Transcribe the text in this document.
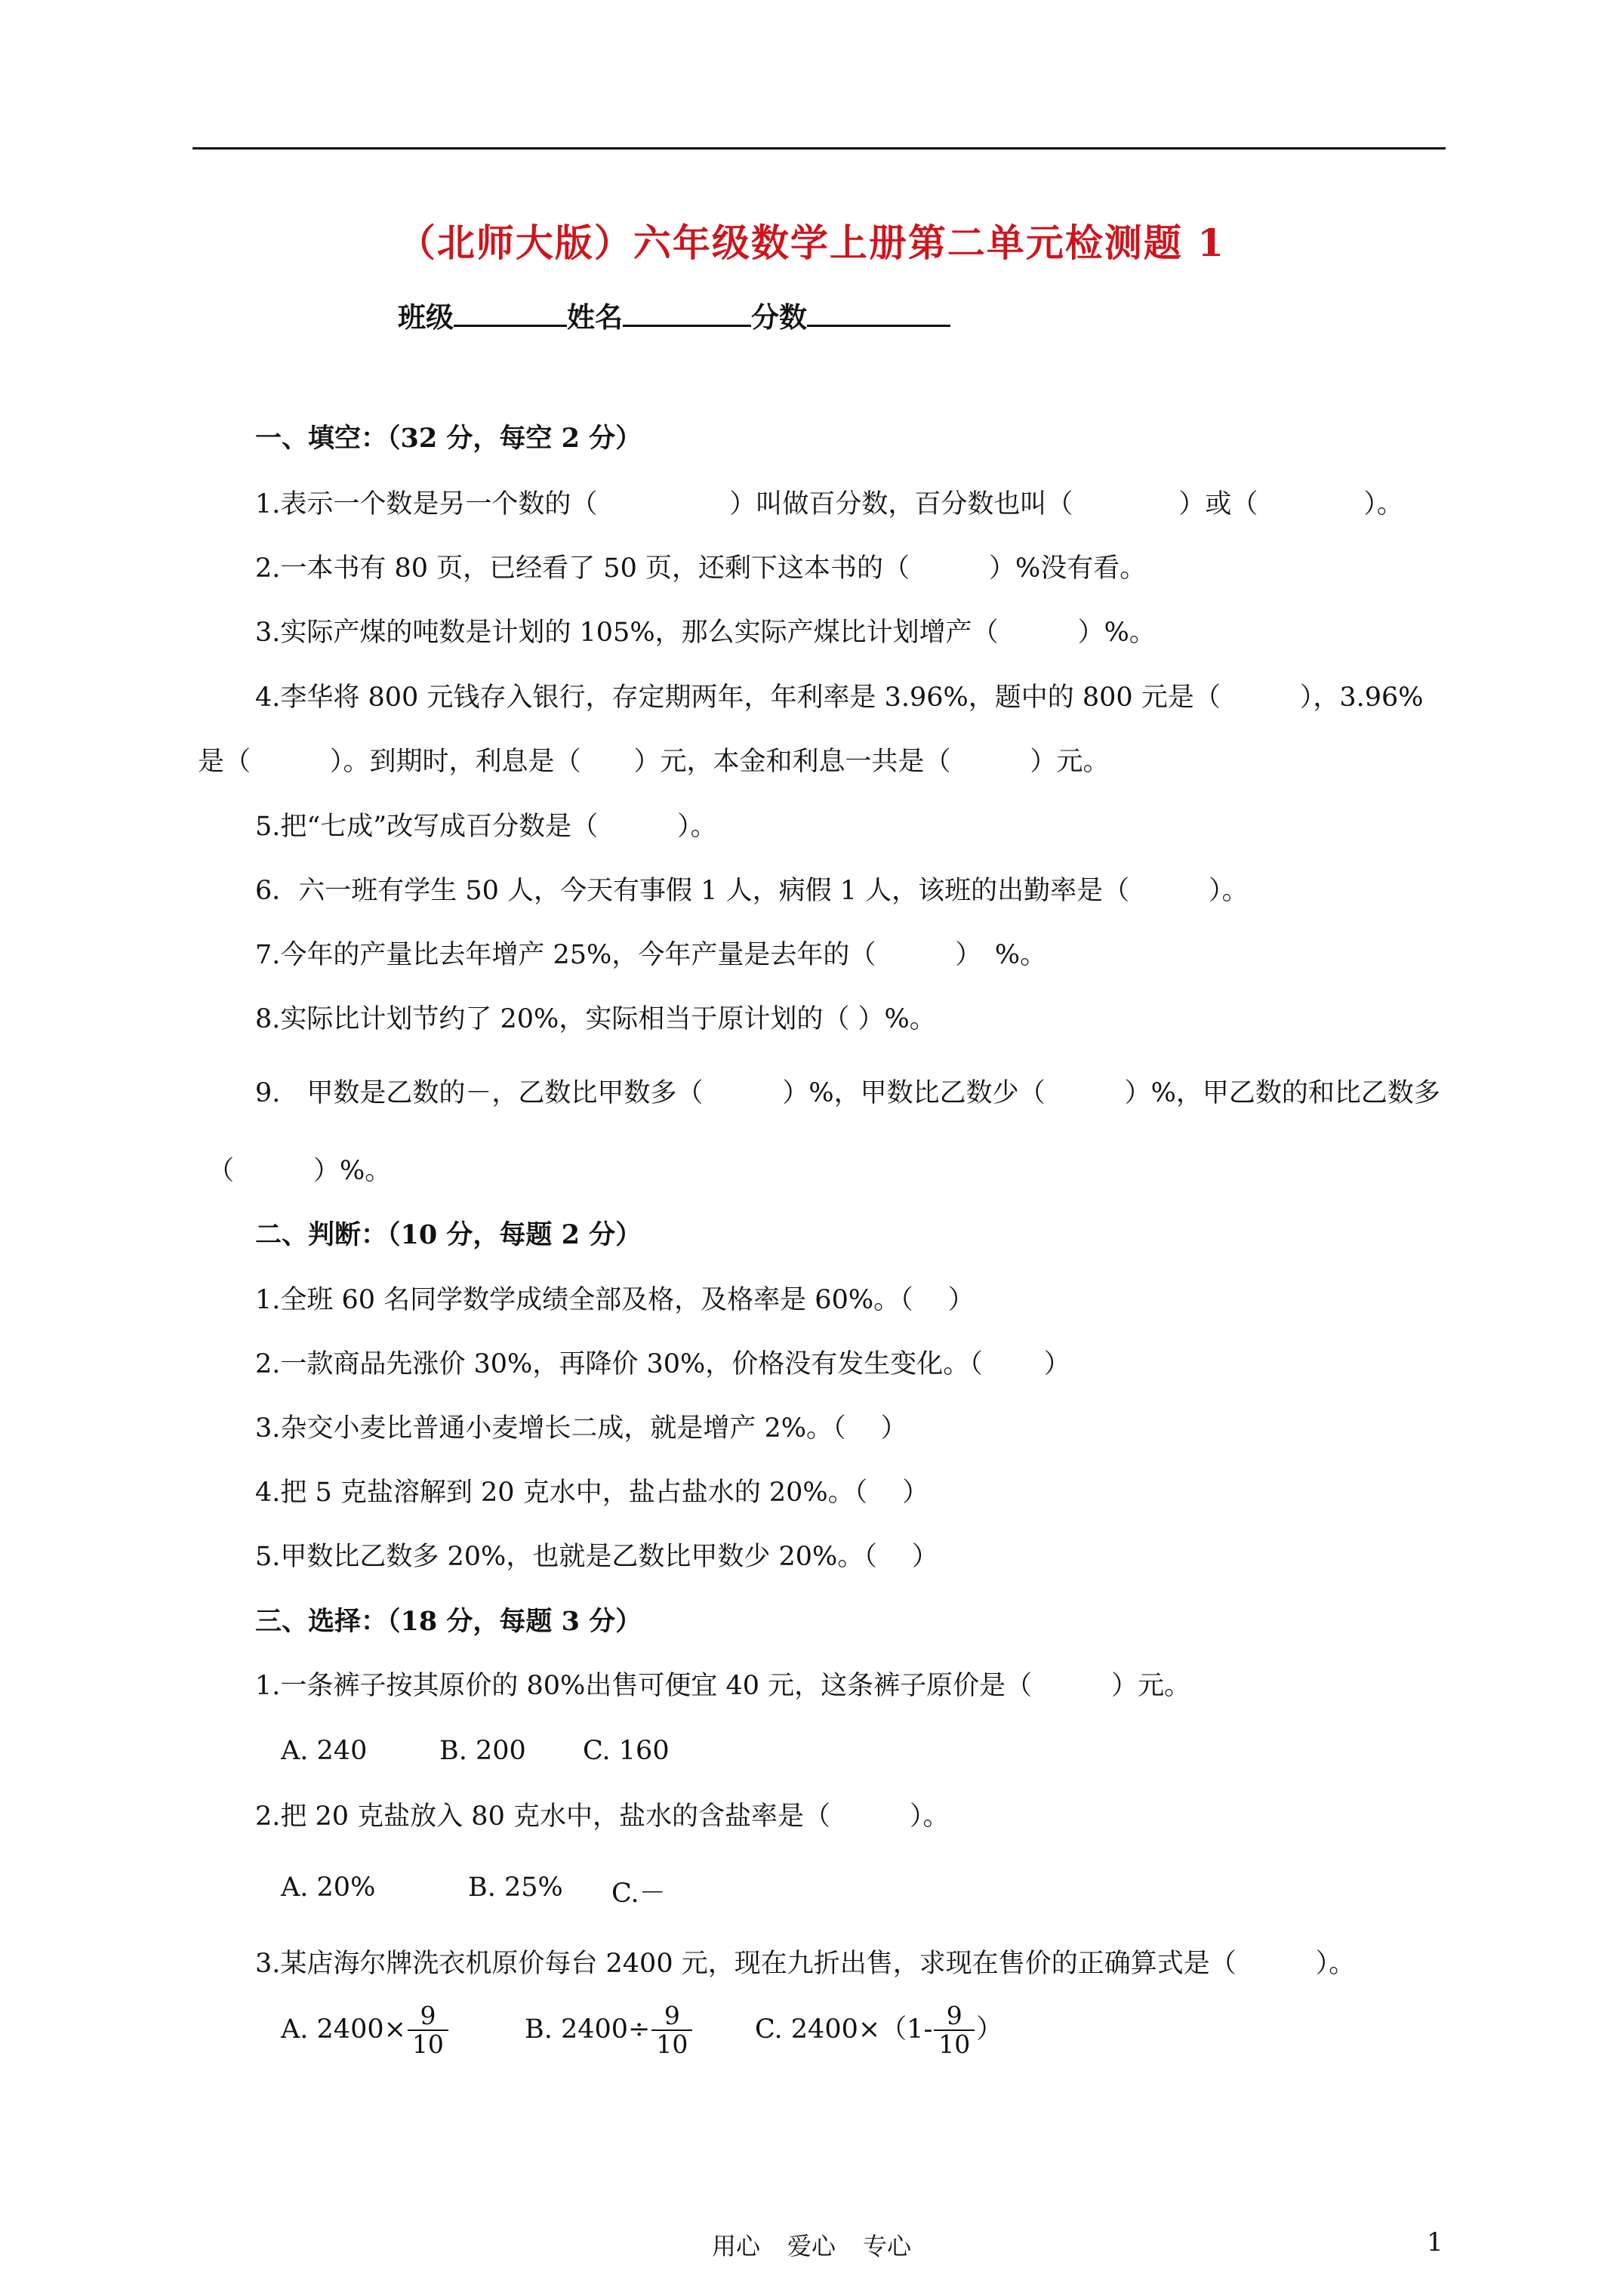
（北师大版）六年级数学上册第二单元检测题 1
班级	姓名	分数
一、填空：（32 分，每空 2 分）
1.表示一个数是另一个数的（　　　　　）叫做百分数，百分数也叫（　　　　）或（　　　　）。
2.一本书有 80 页，已经看了 50 页，还剩下这本书的（　　　）%没有看。
3.实际产煤的吨数是计划的 105%，那么实际产煤比计划增产（　　　）%。
4.李华将 800 元钱存入银行，存定期两年，年利率是 3.96%，题中的 800 元是（　　　），3.96%
是（　　　）。到期时，利息是（　　）元，本金和利息一共是（　　　）元。
5.把“七成”改写成百分数是（　　　）。
6．六一班有学生 50 人，今天有事假 1 人，病假 1 人，该班的出勤率是（　　　）。
7.今年的产量比去年增产 25%，今年产量是去年的（　　　）　%。
8.实际比计划节约了 20%，实际相当于原计划的（ ）%。
9.　甲数是乙数的－，乙数比甲数多（　　　）%，甲数比乙数少（　　　）%，甲乙数的和比乙数多
（　　　）%。
二、判断：（10 分，每题 2 分）
1.全班 60 名同学数学成绩全部及格，及格率是 60%。（　 ）
2.一款商品先涨价 30%，再降价 30%，价格没有发生变化。（　　 ）
3.杂交小麦比普通小麦增长二成，就是增产 2%。（　 ）
4.把 5 克盐溶解到 20 克水中，盐占盐水的 20%。（　 ）
5.甲数比乙数多 20%，也就是乙数比甲数少 20%。（　 ）
三、选择：（18 分，每题 3 分）
1.一条裤子按其原价的 80%出售可便宜 40 元，这条裤子原价是（　　　）元。
A. 240	B. 200 C. 160
2.把 20 克盐放入 80 克水中，盐水的含盐率是（　　　）。
A. 20%	B. 25% C.－
3.某店海尔牌洗衣机原价每台 2400 元，现在九折出售，求现在售价的正确算式是（　　　）。
A. $2400\times \frac{9}{10}$	B. $2400\div \frac{9}{10} C$. $2400\times(1- \frac{9}{10}$ ）
用心 爱心 专心	1
